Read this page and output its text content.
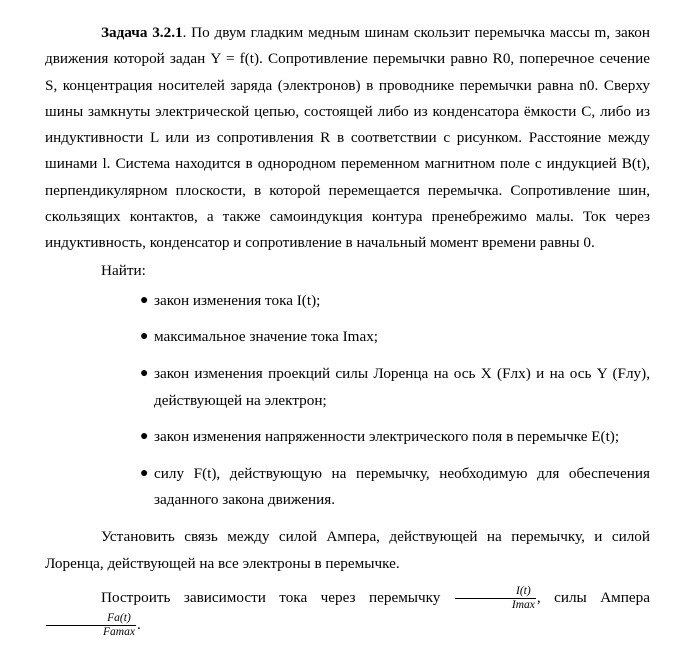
Задача 3.2.1. По двум гладким медным шинам скользит перемычка массы m, закон движения которой задан Y = f(t). Сопротивление перемычки равно R0, поперечное сечение S, концентрация носителей заряда (электронов) в проводнике перемычки равна n0. Сверху шины замкнуты электрической цепью, состоящей либо из конденсатора ёмкости C, либо из индуктивности L или из сопротивления R в соответствии с рисунком. Расстояние между шинами l. Система находится в однородном переменном магнитном поле с индукцией B(t), перпендикулярном плоскости, в которой перемещается перемычка. Сопротивление шин, скользящих контактов, а также самоиндукция контура пренебрежимо малы. Ток через индуктивность, конденсатор и сопротивление в начальный момент времени равны 0.

Найти:

● закон изменения тока I(t);
● максимальное значение тока Imax;
● закон изменения проекций силы Лоренца на ось X (Fлx) и на ось Y (Fлy), действующей на электрон;
● закон изменения напряженности электрического поля в перемычке E(t);
● силу F(t), действующую на перемычку, необходимую для обеспечения заданного закона движения.

Установить связь между силой Ампера, действующей на перемычку, и силой Лоренца, действующей на все электроны в перемычке.

Построить зависимости тока через перемычку $\frac{I(t)}{Imax}$ , силы Ампера
$\frac{Fa(t)}{Famax}$ .
